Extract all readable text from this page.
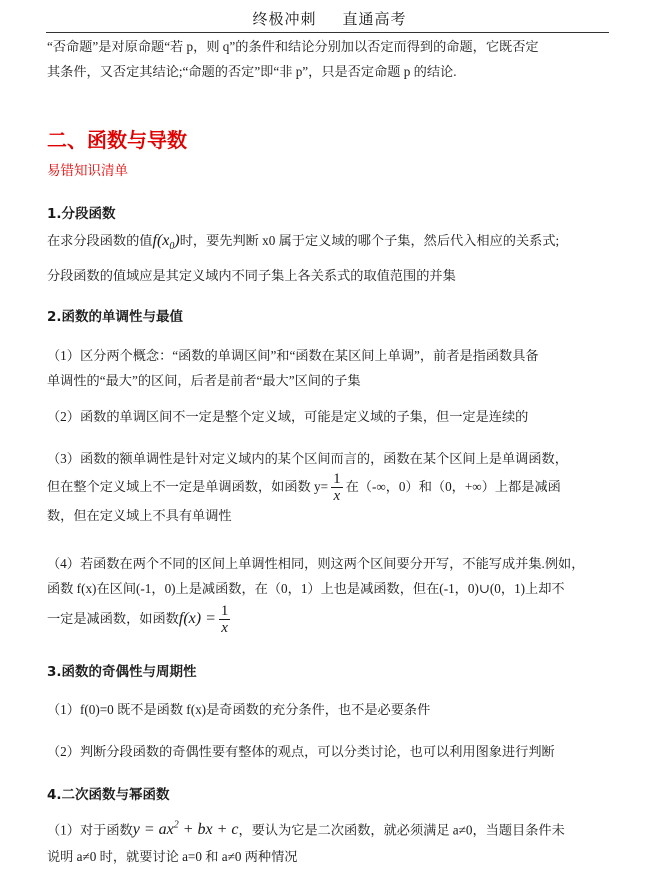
终极冲刺 直通高考
“否命题”是对原命题“若 p，则 q”的条件和结论分别加以否定而得到的命题，它既否定
其条件，又否定其结论;“命题的否定”即“非 p”，只是否定命题 p 的结论.
二、函数与导数
易错知识清单
1.分段函数
在求分段函数的值$f(x_0)$时，要先判断 x0 属于定义域的哪个子集，然后代入相应的关系式;
分段函数的值域应是其定义域内不同子集上各关系式的取值范围的并集
2.函数的单调性与最值
（1）区分两个概念：“函数的单调区间”和“函数在某区间上单调”，前者是指函数具备
单调性的“最大”的区间，后者是前者“最大”区间的子集
（2）函数的单调区间不一定是整个定义域，可能是定义域的子集，但一定是连续的
（3）函数的额单调性是针对定义域内的某个区间而言的，函数在某个区间上是单调函数，
但在整个定义域上不一定是单调函数，如函数 $y= \frac{1}{x}$ 在（-∞，0）和（0，+∞）上都是减函
数，但在定义域上不具有单调性
（4）若函数在两个不同的区间上单调性相同，则这两个区间要分开写，不能写成并集.例如，
函数 f(x)在区间(-1，0)上是减函数，在（0，1）上也是减函数，但在(-1，0)∪(0，1)上却不
一定是减函数，如函数$f(x) = \frac{1}{x}$
3.函数的奇偶性与周期性
（1）f(0)=0 既不是函数 f(x)是奇函数的充分条件，也不是必要条件
（2）判断分段函数的奇偶性要有整体的观点，可以分类讨论，也可以利用图象进行判断
4.二次函数与幂函数
（1）对于函数$y = ax^2$ + bx + c，要认为它是二次函数，就必须满足 a≠0，当题目条件未
说明 a≠0 时，就要讨论 a=0 和 a≠0 两种情况
